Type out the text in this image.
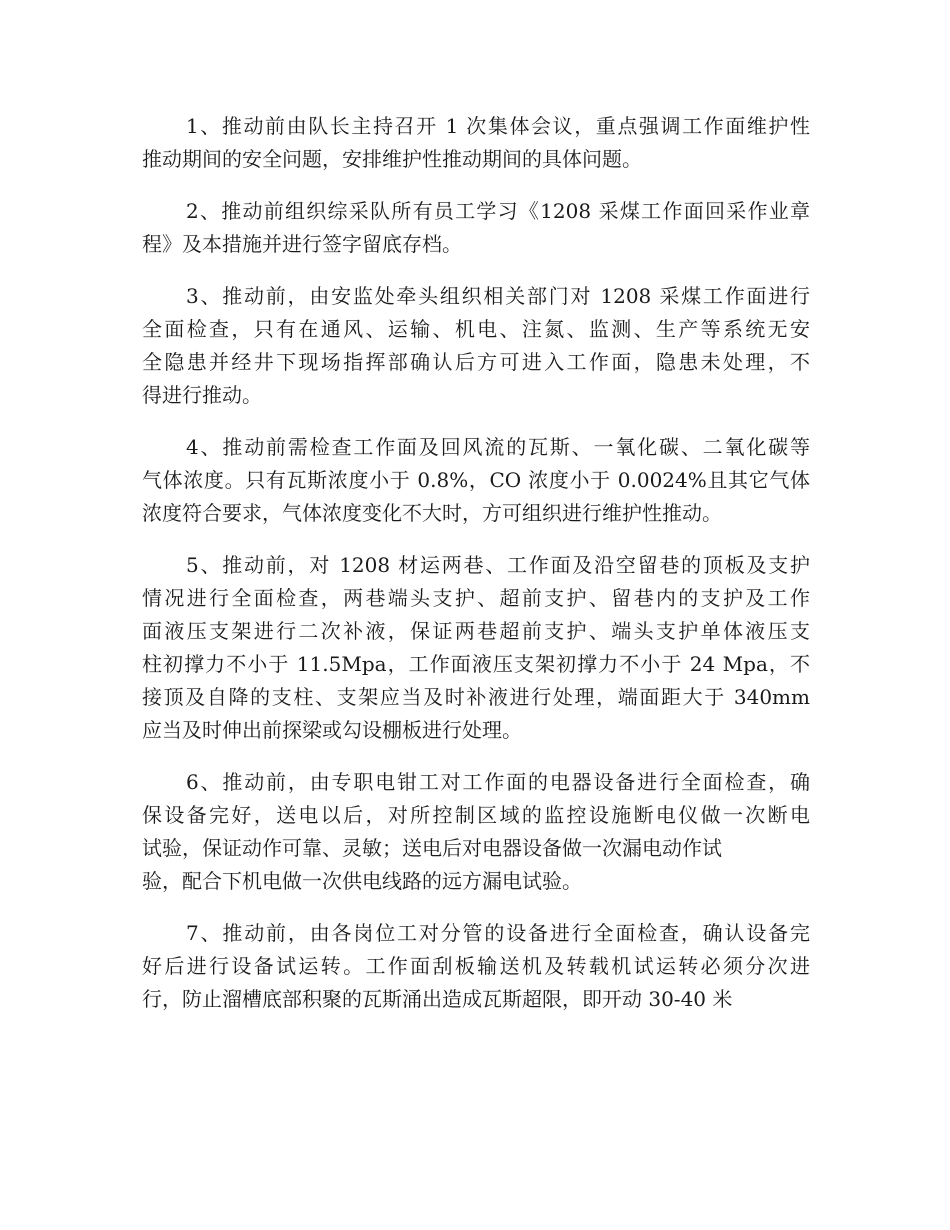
1、推动前由队长主持召开 1 次集体会议，重点强调工作面维护性
推动期间的安全问题，安排维护性推动期间的具体问题。

2、推动前组织综采队所有员工学习《1208 采煤工作面回采作业章
程》及本措施并进行签字留底存档。

3、推动前，由安监处牵头组织相关部门对 1208 采煤工作面进行
全面检查，只有在通风、运输、机电、注氮、监测、生产等系统无安
全隐患并经井下现场指挥部确认后方可进入工作面，隐患未处理，不
得进行推动。

4、推动前需检查工作面及回风流的瓦斯、一氧化碳、二氧化碳等
气体浓度。只有瓦斯浓度小于 0.8%，CO 浓度小于 0.0024%且其它气体
浓度符合要求，气体浓度变化不大时，方可组织进行维护性推动。

5、推动前，对 1208 材运两巷、工作面及沿空留巷的顶板及支护
情况进行全面检查，两巷端头支护、超前支护、留巷内的支护及工作
面液压支架进行二次补液，保证两巷超前支护、端头支护单体液压支
柱初撑力不小于 11.5Mpa，工作面液压支架初撑力不小于 24 Mpa，不
接顶及自降的支柱、支架应当及时补液进行处理，端面距大于 340mm
应当及时伸出前探梁或勾设棚板进行处理。

6、推动前，由专职电钳工对工作面的电器设备进行全面检查，确
保设备完好，送电以后，对所控制区域的监控设施断电仪做一次断电
试验，保证动作可靠、灵敏；送电后对电器设备做一次漏电动作试
验，配合下机电做一次供电线路的远方漏电试验。

7、推动前，由各岗位工对分管的设备进行全面检查，确认设备完
好后进行设备试运转。工作面刮板输送机及转载机试运转必须分次进
行，防止溜槽底部积聚的瓦斯涌出造成瓦斯超限，即开动 30-40 米
